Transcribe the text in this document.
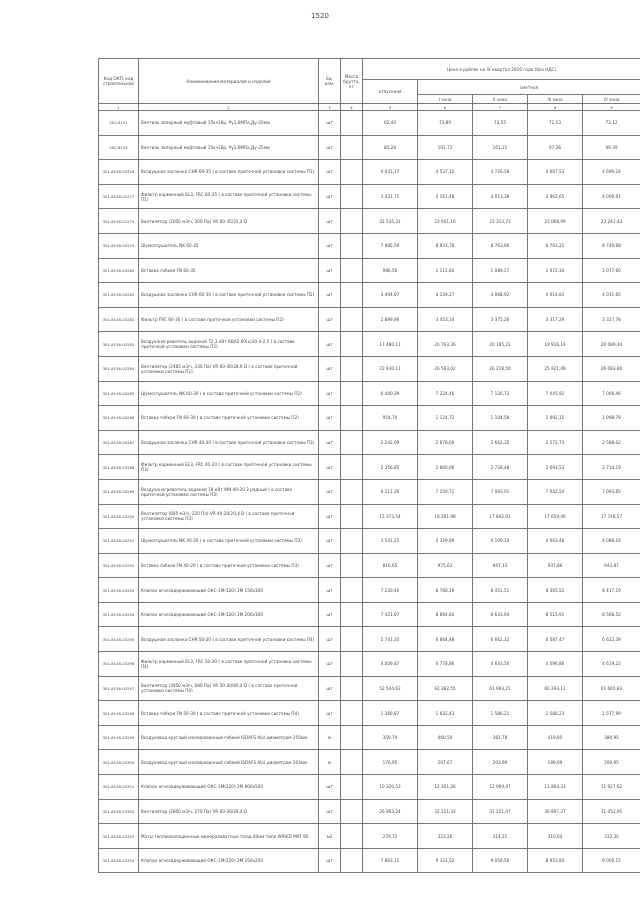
1520
Код ОКП, код строительной	Наименование материалов и изделий	Ед. изм.	Масса брутто, кг	Цена в рублях на IV квартал 2016 года (без НДС)				
				отпускная	сметная			
					I зона	II зона	III зона	IV зона
1	2	3	4	5	6	7	8	9
202-8131	Вентиль запорный муфтовый 15кч18р, Py1,6МПа,Ду-20мм	шт		62,40	73,89	73,55	72,53	73,12
202-8134	Вентиль запорный муфтовый 15кч18р, Py1,6МПа,Ду-25мм	шт		85,28	101,72	101,21	97,36	99,39
301-8156-00328	Воздушная заслонка CHR 60-35 ( в составе приточной установки системы П1)	шт		4 031,17	4 537,12	4 720,58	4 667,53	4 699,24
301-8156-01277	Фильтр карманный EL3, FRC 60-35 ( в составе приточной установки системы П1)	шт		3 421,75	4 161,48	4 013,36	3 962,65	4 009,91
301-8156-01279	Вентилятор (2000 м3/ч, 300 Па) VR 60-35/31,4 D	шт		31 535,31	23 941,16	23 313,73	23 068,99	23 241,43
301-8156-00229	Шумоглушитель NK 60-35	шт		7 985,59	8 933,78	8 763,66	8 703,21	8 749,68
301-8156-03280	Вставка гибкая FN 60-35	шт		986,56	1 111,64	1 089,27	1 072,34	1 077,60
301-8156-00282	Воздушная заслонка CHR 60-30 ( в составе приточной установки системы П2)	шт		3 494,87	4 159,27	4 068,92	4 014,83	4 031,65
301-8156-03282	Фильтр FRC 60-30 ( в составе приточной установки системы П2)	шт		2 899,96	3 453,14	3 375,26	3 317,29	3 327,78
301-8156-03283	Воздухонагреватель водяной 72,3 кВт RBAS 60(x)30-4-2,5 ( в составе приточной установки системы П2)	шт		17 480,11	20 763,36	20 195,22	19 916,19	20 089,44
301-8156-02284	Вентилятор (2485 м3/ч, 330 Па) VR 60-30/28,6 D ( в составе приточной установки системы П2)	шт		22 930,11	26 593,02	26 218,50	25 921,48	26 083,80
301-8156-00285	Шумоглушитель NK 60-30 ( в составе приточной установки системы П2)	шт		6 440,39	7 224,46	7 126,72	7 045,92	7 008,46
301-8156-00286	Вставка гибкая FN 60-30 ( в составе приточной установки системы П2)	шт		954,70	1 124,72	1 104,58	1 092,15	1 098,79
301-8156-00287	Воздушная заслонка CHR 40-30 ( в составе приточной установки системы П3)	шт		2 242,09	2 678,69	2 662,35	2 572,73	2 588,62
301-8156-03288	Фильтр карманный EL3, FRC 40-20 ( в составе приточной установки системы П3)	шт		2 356,85	2 800,06	2 728,48	2 693,53	2 714,19
301-8156-00289	Воздухонагреватель водяной 18 кВт WN 40-20 3 рядный ( в составе приточной установки системы П3)	шт		6 111,30	7 259,71	7 093,01	7 042,54	7 093,85
301-8156-03290	Вентилятор (685 м3/ч, 220 Па) VR 40-20/20,4 B ( в составе приточной установки системы П3)	шт		15 373,54	18 261,98	17 842,91	17 659,46	17 748,57
301-8156-00291	Шумоглушитель NK 40-20 ( в составе приточной установки системы П3)	шт		3 541,25	4 329,89	4 109,10	4 063,48	4 088,16
301-8156-03292	Вставка гибкая FN 40-20 ( в составе приточной установки системы П3)	шт		816,65	975,63	947,13	937,86	942,87
301-8156-03293	Клапан огнезадерживающий ОКС-1М(120) 3М 150x100	шт		7 230,40	8 768,19	8 451,51	8 365,52	8 417,19
301-8156-03294	Клапан огнезадерживающий ОКС-1М(120) 3М 200x100	шт		7 421,87	8 864,64	8 633,64	8 515,91	8 568,52
301-8156-03295	Воздушная заслонка CHR 50-30 ( в составе приточной установки системы П4)	шт		5 741,35	6 864,48	6 662,32	6 587,47	6 622,39
301-8156-03296	Фильтр карманный EL3, FRC 50-30 ( в составе приточной установки системы П4)	шт		4 009,87	4 778,86	4 643,56	4 596,86	4 619,22
301-8156-03297	Вентилятор (3950 м3/ч, 680 Па) VR 50-30/40,4 D ( в составе приточной установки системы П4)	шт		52 544,62	62 382,55	61 993,21	60 293,11	61 665,83
301-8156-03298	Вставка гибкая FN 50-30 ( в составе приточной установки системы П4)	шт		1 366,87	1 632,43	1 586,21	1 568,23	1 577,99
301-8156-03299	Воздуховод круглый изолированный гибкий ISOAFS ALU диаметром 250мм	м		359,79	460,50	381,78	419,85	380,95
301-8156-03300	Воздуховод круглый изолированный гибкий ISOAFS ALU диаметром 203мм	м		176,95	207,67	203,99	199,69	200,95
301-8156-03301	Клапан огнезадерживающий ОКС-1М(120) 3М 800x500	шт		10 320,53	12 351,26	12 069,47	11 864,33	11 927,62
301-8156-03302	Вентилятор (2800 м3/ч, 270 Па) VR 60-30/28,4 D	шт		26 963,24	32 111,33	31 221,47	30 897,27	31 052,95
301-8156-03303	Маты теплоизоляционные минераловатные толщ.40мм типа WIRED MAT 80	м2		279,72	323,26	314,21	310,64	312,30
301-8156-03304	Клапан огнезадерживающий ОКС-1М(120) 3М 250x250	шт		7 863,11	9 321,52	9 058,56	8 953,84	9 009,15
